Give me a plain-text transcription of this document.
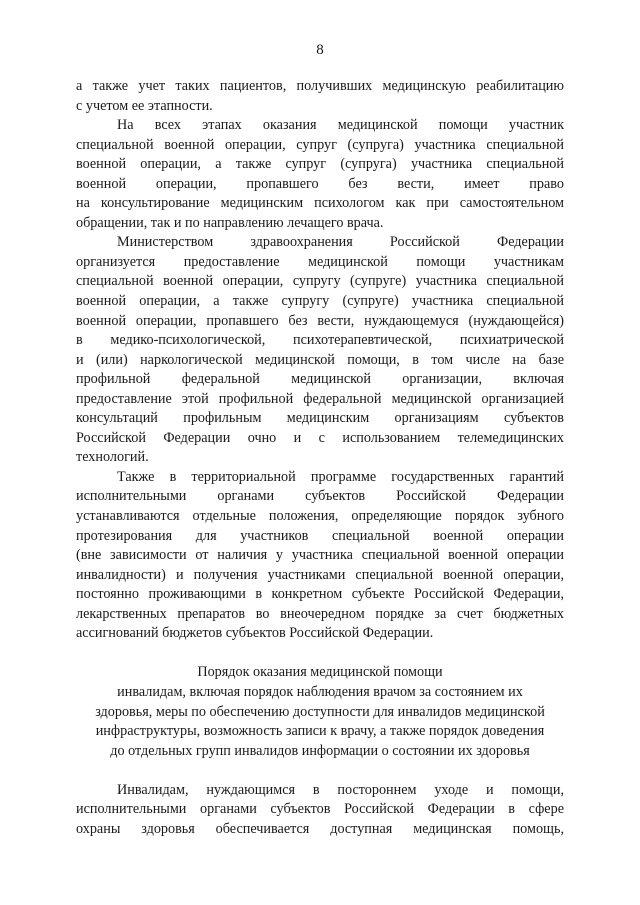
8
а также учет таких пациентов, получивших медицинскую реабилитацию
с учетом ее этапности.
На всех этапах оказания медицинской помощи участник
специальной военной операции, супруг (супруга) участника специальной
военной операции, а также супруг (супруга) участника специальной
военной операции, пропавшего без вести, имеет право
на консультирование медицинским психологом как при самостоятельном
обращении, так и по направлению лечащего врача.
Министерством здравоохранения Российской Федерации
организуется предоставление медицинской помощи участникам
специальной военной операции, супругу (супруге) участника специальной
военной операции, а также супругу (супруге) участника специальной
военной операции, пропавшего без вести, нуждающемуся (нуждающейся)
в медико-психологической, психотерапевтической, психиатрической
и (или) наркологической медицинской помощи, в том числе на базе
профильной федеральной медицинской организации, включая
предоставление этой профильной федеральной медицинской организацией
консультаций профильным медицинским организациям субъектов
Российской Федерации очно и с использованием телемедицинских
технологий.
Также в территориальной программе государственных гарантий
исполнительными органами субъектов Российской Федерации
устанавливаются отдельные положения, определяющие порядок зубного
протезирования для участников специальной военной операции
(вне зависимости от наличия у участника специальной военной операции
инвалидности) и получения участниками специальной военной операции,
постоянно проживающими в конкретном субъекте Российской Федерации,
лекарственных препаратов во внеочередном порядке за счет бюджетных
ассигнований бюджетов субъектов Российской Федерации.
Порядок оказания медицинской помощи
инвалидам, включая порядок наблюдения врачом за состоянием их
здоровья, меры по обеспечению доступности для инвалидов медицинской
инфраструктуры, возможность записи к врачу, а также порядок доведения
до отдельных групп инвалидов информации о состоянии их здоровья
Инвалидам, нуждающимся в постороннем уходе и помощи,
исполнительными органами субъектов Российской Федерации в сфере
охраны здоровья обеспечивается доступная медицинская помощь,
